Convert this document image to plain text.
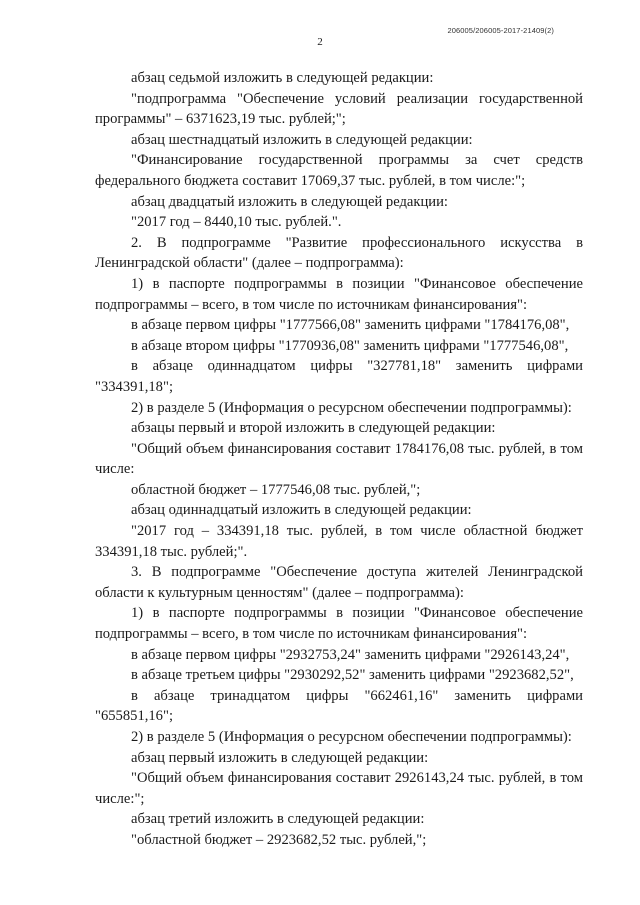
206005/206005-2017-21409(2)
2

абзац седьмой изложить в следующей редакции:

"подпрограмма "Обеспечение условий реализации государственной программы" – 6371623,19 тыс. рублей;";

абзац шестнадцатый изложить в следующей редакции:

"Финансирование государственной программы за счет средств федерального бюджета составит 17069,37 тыс. рублей, в том числе:";

абзац двадцатый изложить в следующей редакции:

"2017 год – 8440,10 тыс. рублей.".

2. В подпрограмме "Развитие профессионального искусства в Ленинградской области" (далее – подпрограмма):

1) в паспорте подпрограммы в позиции "Финансовое обеспечение подпрограммы – всего, в том числе по источникам финансирования":

в абзаце первом цифры "1777566,08" заменить цифрами "1784176,08",

в абзаце втором цифры "1770936,08" заменить цифрами "1777546,08",

в абзаце одиннадцатом цифры "327781,18" заменить цифрами "334391,18";

2) в разделе 5 (Информация о ресурсном обеспечении подпрограммы):

абзацы первый и второй изложить в следующей редакции:

"Общий объем финансирования составит 1784176,08 тыс. рублей, в том числе:

областной бюджет – 1777546,08 тыс. рублей,";

абзац одиннадцатый изложить в следующей редакции:

"2017 год – 334391,18 тыс. рублей, в том числе областной бюджет 334391,18 тыс. рублей;".

3. В подпрограмме "Обеспечение доступа жителей Ленинградской области к культурным ценностям" (далее – подпрограмма):

1) в паспорте подпрограммы в позиции "Финансовое обеспечение подпрограммы – всего, в том числе по источникам финансирования":

в абзаце первом цифры "2932753,24" заменить цифрами "2926143,24",

в абзаце третьем цифры "2930292,52" заменить цифрами "2923682,52",

в абзаце тринадцатом цифры "662461,16" заменить цифрами "655851,16";

2) в разделе 5 (Информация о ресурсном обеспечении подпрограммы):

абзац первый изложить в следующей редакции:

"Общий объем финансирования составит 2926143,24 тыс. рублей, в том числе:";

абзац третий изложить в следующей редакции:

"областной бюджет – 2923682,52 тыс. рублей,";
